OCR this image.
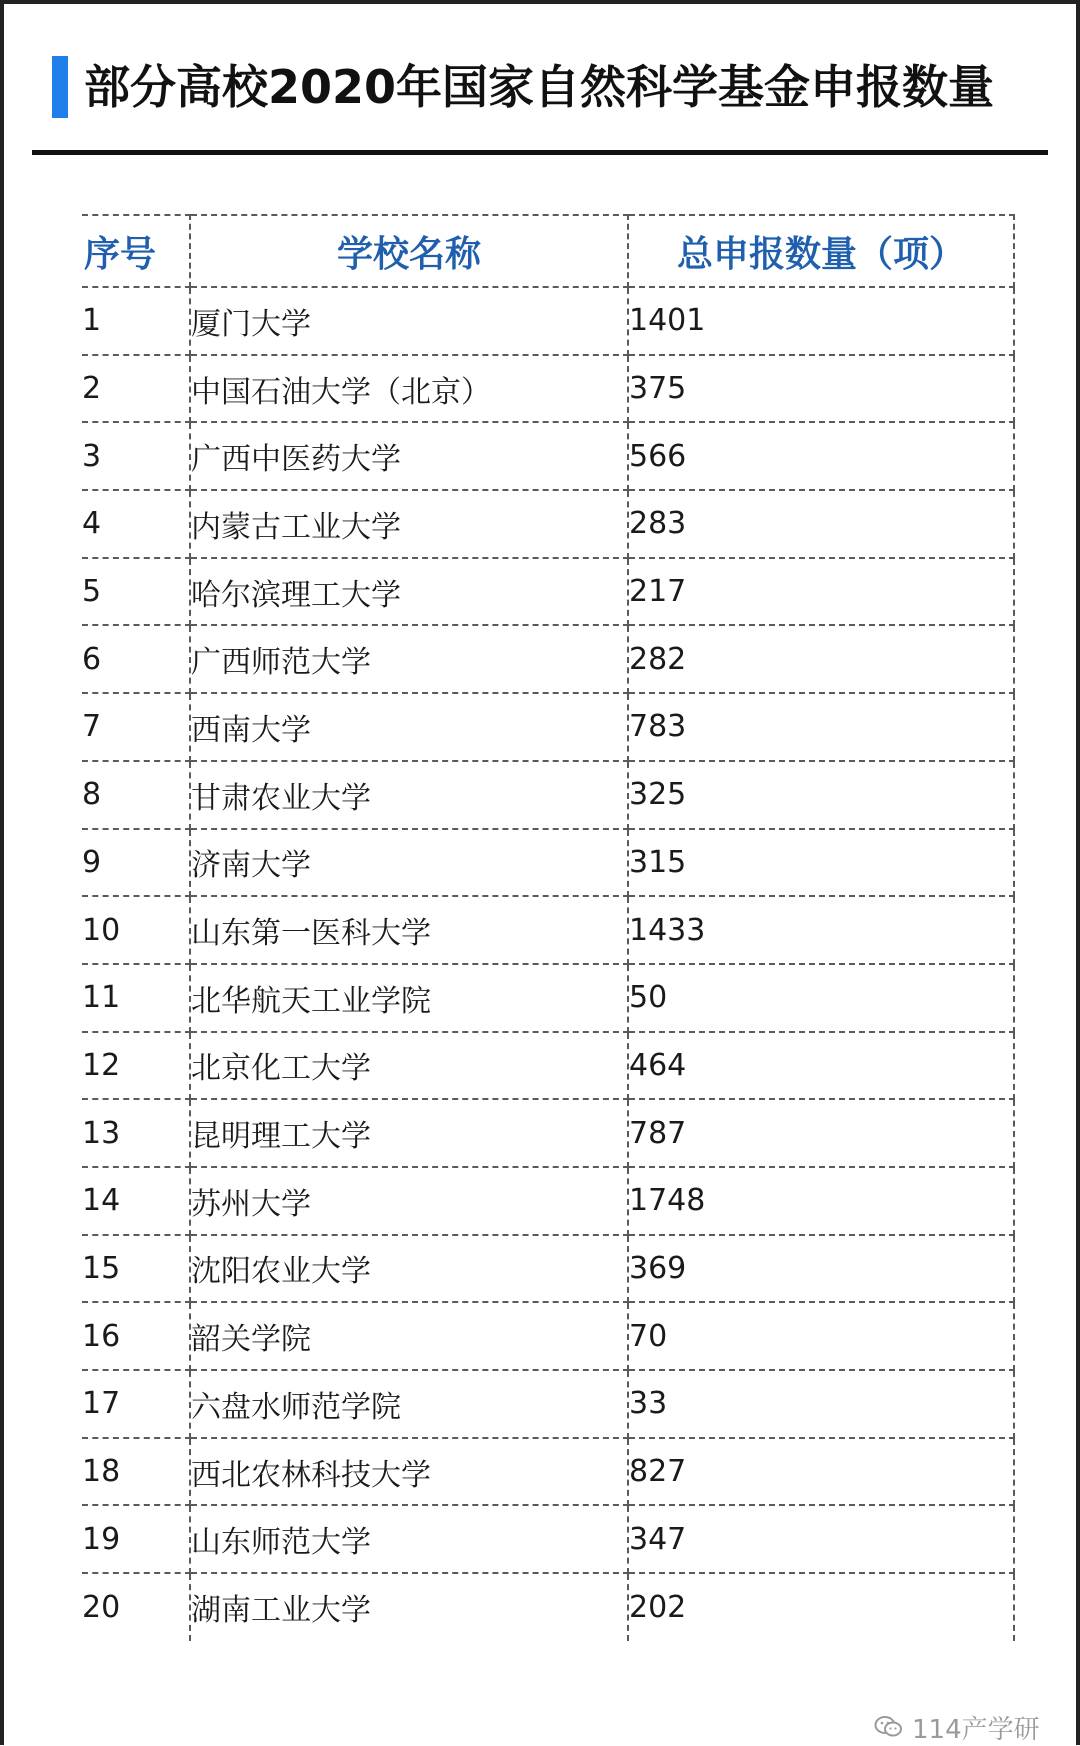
部分高校2020年国家自然科学基金申报数量
序号	学校名称	总申报数量（项）
1	厦门大学	1401
2	中国石油大学（北京）	375
3	广西中医药大学	566
4	内蒙古工业大学	283
5	哈尔滨理工大学	217
6	广西师范大学	282
7	西南大学	783
8	甘肃农业大学	325
9	济南大学	315
10	山东第一医科大学	1433
11	北华航天工业学院	50
12	北京化工大学	464
13	昆明理工大学	787
14	苏州大学	1748
15	沈阳农业大学	369
16	韶关学院	70
17	六盘水师范学院	33
18	西北农林科技大学	827
19	山东师范大学	347
20	湖南工业大学	202
114产学研
